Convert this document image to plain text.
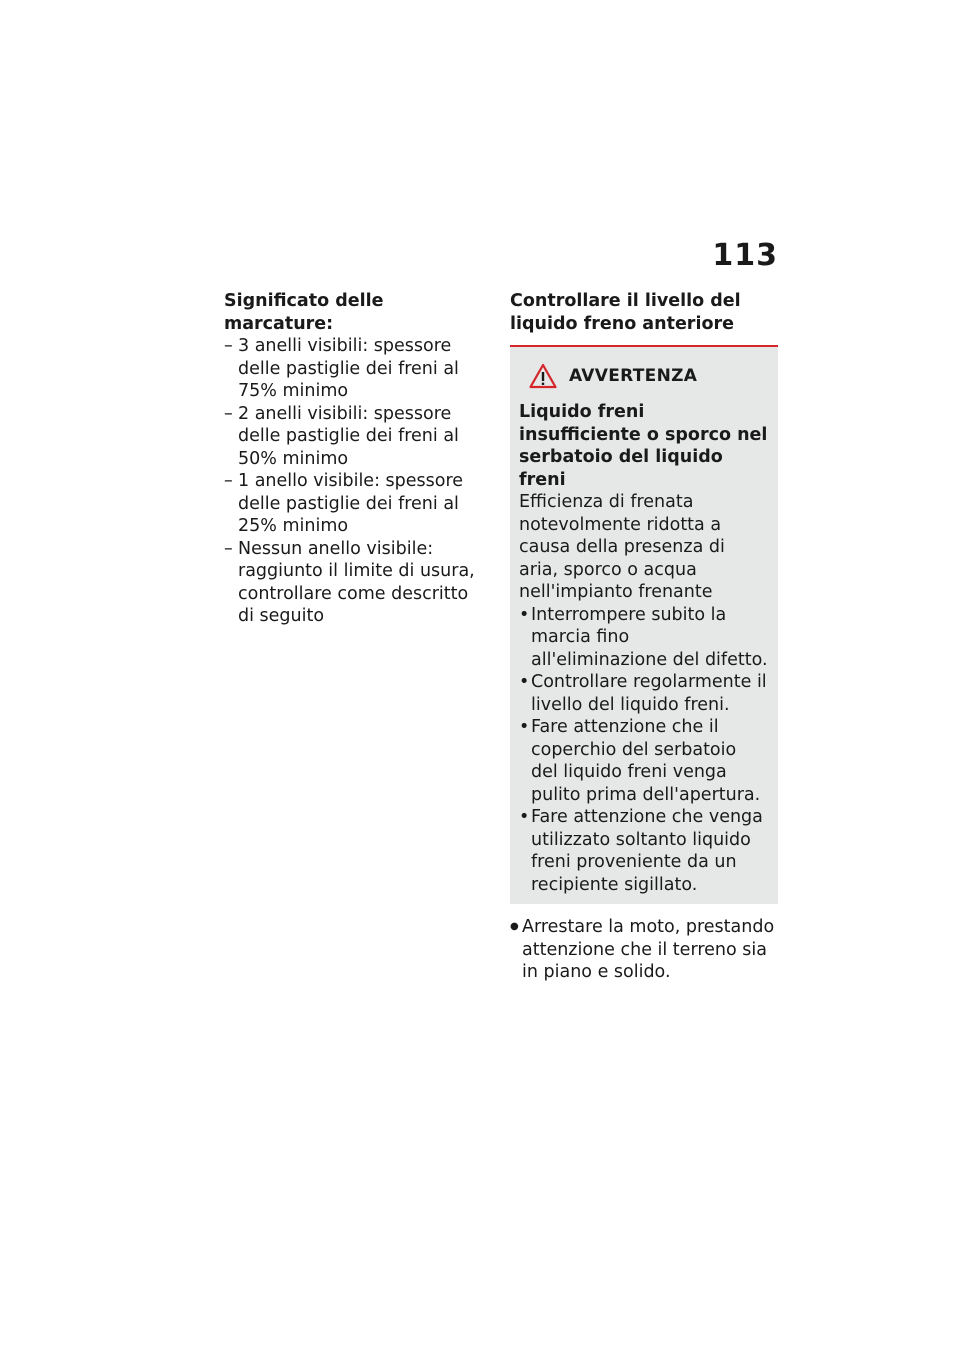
113

Significato delle marcature:

– 3 anelli visibili: spessore delle pastiglie dei freni al 75% minimo
– 2 anelli visibili: spessore delle pastiglie dei freni al 50% minimo
– 1 anello visibile: spessore delle pastiglie dei freni al 25% minimo
– Nessun anello visibile: raggiunto il limite di usura, controllare come descritto di seguito

Controllare il livello del liquido freno anteriore

AVVERTENZA

Liquido freni insufficiente o sporco nel serbatoio del liquido freni

Efficienza di frenata notevolmente ridotta a causa della presenza di aria, sporco o acqua nell'impianto frenante

• Interrompere subito la marcia fino all'eliminazione del difetto.
• Controllare regolarmente il livello del liquido freni.
• Fare attenzione che il coperchio del serbatoio del liquido freni venga pulito prima dell'apertura.
• Fare attenzione che venga utilizzato soltanto liquido freni proveniente da un recipiente sigillato.
● Arrestare la moto, prestando attenzione che il terreno sia in piano e solido.
